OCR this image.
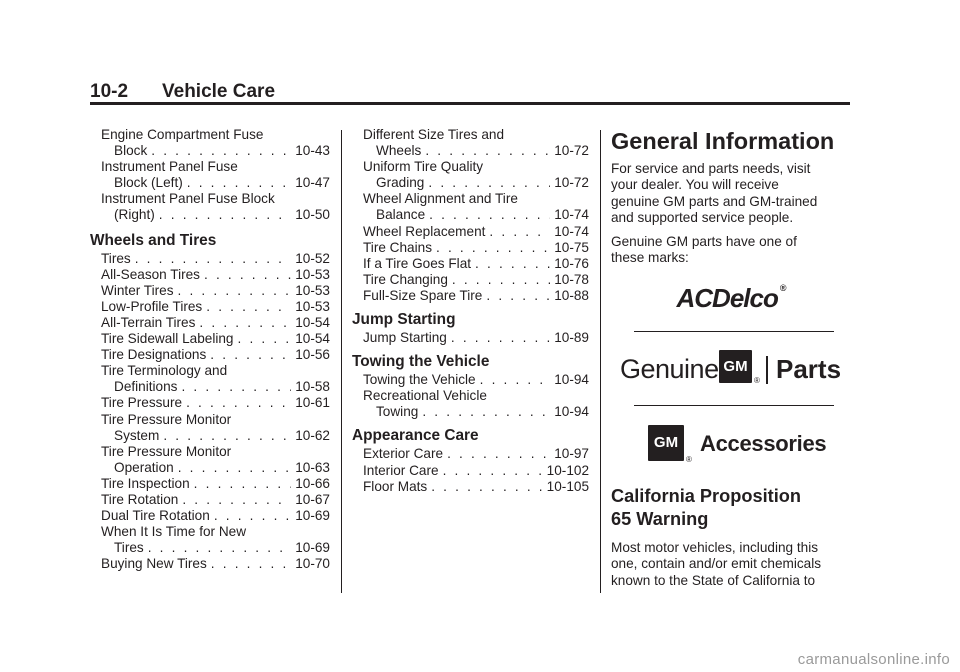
10-2 Vehicle Care
Engine Compartment Fuse
Block . . .	10-43
Instrument Panel Fuse
Block (Left) . . .	10-47
Instrument Panel Fuse Block
(Right) . . .	10-50
Wheels and Tires
Tires . . .	10-52
All-Season Tires . . .	10-53
Winter Tires . . .	10-53
Low-Profile Tires . . .	10-53
All-Terrain Tires . . .	10-54
Tire Sidewall Labeling . . .	10-54
Tire Designations . . .	10-56
Tire Terminology and
Definitions . . .	10-58
Tire Pressure . . .	10-61
Tire Pressure Monitor
System . . .	10-62
Tire Pressure Monitor
Operation . . .	10-63
Tire Inspection . . .	10-66
Tire Rotation . . .	10-67
Dual Tire Rotation . . .	10-69
When It Is Time for New
Tires . . .	10-69
Buying New Tires . . .	10-70
Different Size Tires and
Wheels . . .	10-72
Uniform Tire Quality
Grading . . .	10-72
Wheel Alignment and Tire
Balance . . .	10-74
Wheel Replacement . . .	10-74
Tire Chains . . .	10-75
If a Tire Goes Flat . . .	10-76
Tire Changing . . .	10-78
Full-Size Spare Tire . . .	10-88
Jump Starting
Jump Starting . . .	10-89
Towing the Vehicle
Towing the Vehicle . . .	10-94
Recreational Vehicle
Towing . . .	10-94
Appearance Care
Exterior Care . . .	10-97
Interior Care . . .	10-102
Floor Mats . . .	10-105
General Information
For service and parts needs, visit
your dealer. You will receive
genuine GM parts and GM-trained
and supported service people.
Genuine GM parts have one of
these marks:
ACDelco ®
Genuine GM
® Parts
GM
®
Accessories
California Proposition
65 Warning
Most motor vehicles, including this
one, contain and/or emit chemicals
known to the State of California to
carmanualsonline.info
